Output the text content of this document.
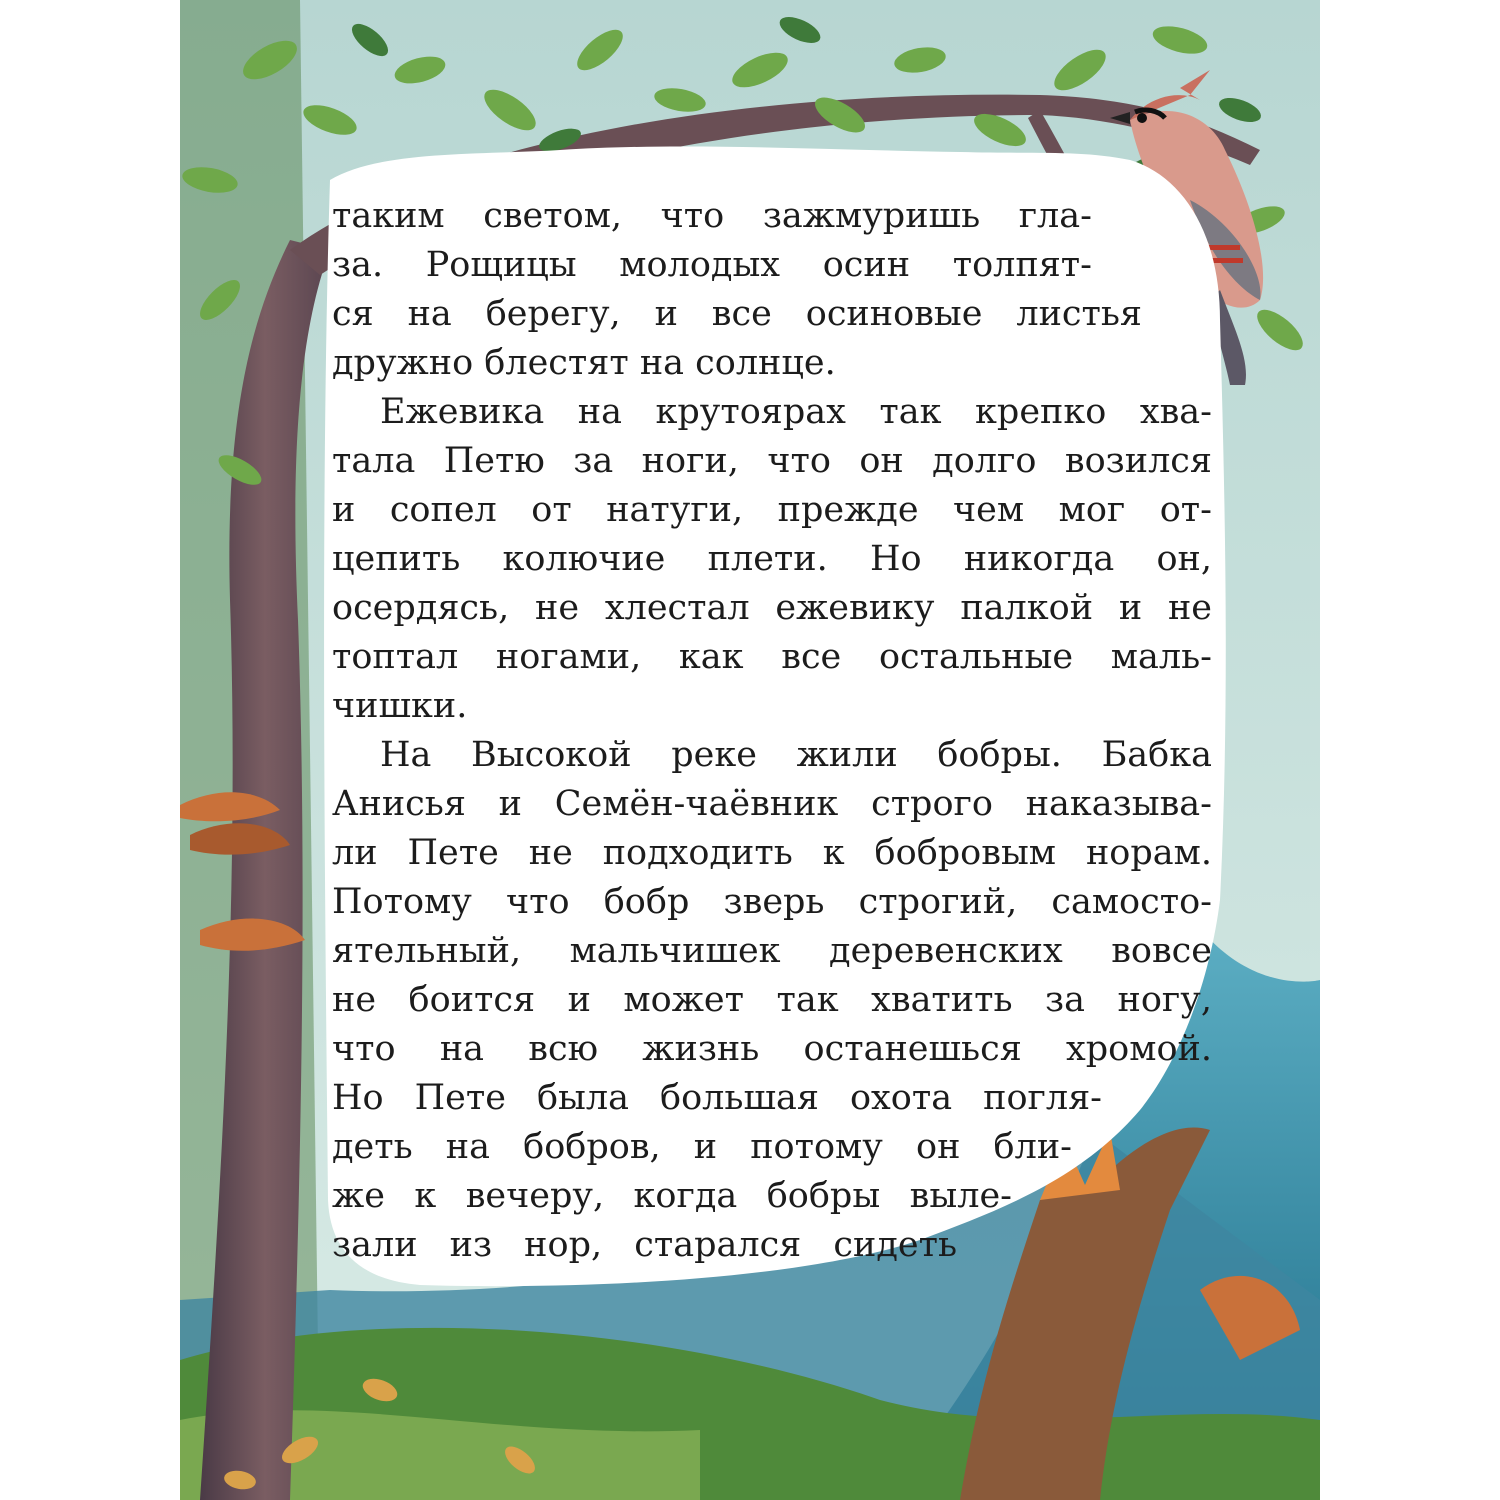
таким светом, что зажмуришь гла-
за. Рощицы молодых осин толпят-
ся на берегу, и все осиновые листья
дружно блестят на солнце.
Ежевика на крутоярах так крепко хва-
тала Петю за ноги, что он долго возился
и сопел от натуги, прежде чем мог от-
цепить колючие плети. Но никогда он,
осердясь, не хлестал ежевику палкой и не
топтал ногами, как все остальные маль-
чишки.
На Высокой реке жили бобры. Бабка
Анисья и Семён-чаёвник строго наказыва-
ли Пете не подходить к бобровым норам.
Потому что бобр зверь строгий, самосто-
ятельный, мальчишек деревенских вовсе
не боится и может так хватить за ногу,
что на всю жизнь останешься хромой.
Но Пете была большая охота погля-
деть на бобров, и потому он бли-
же к вечеру, когда бобры выле-
зали из нор, старался сидеть
